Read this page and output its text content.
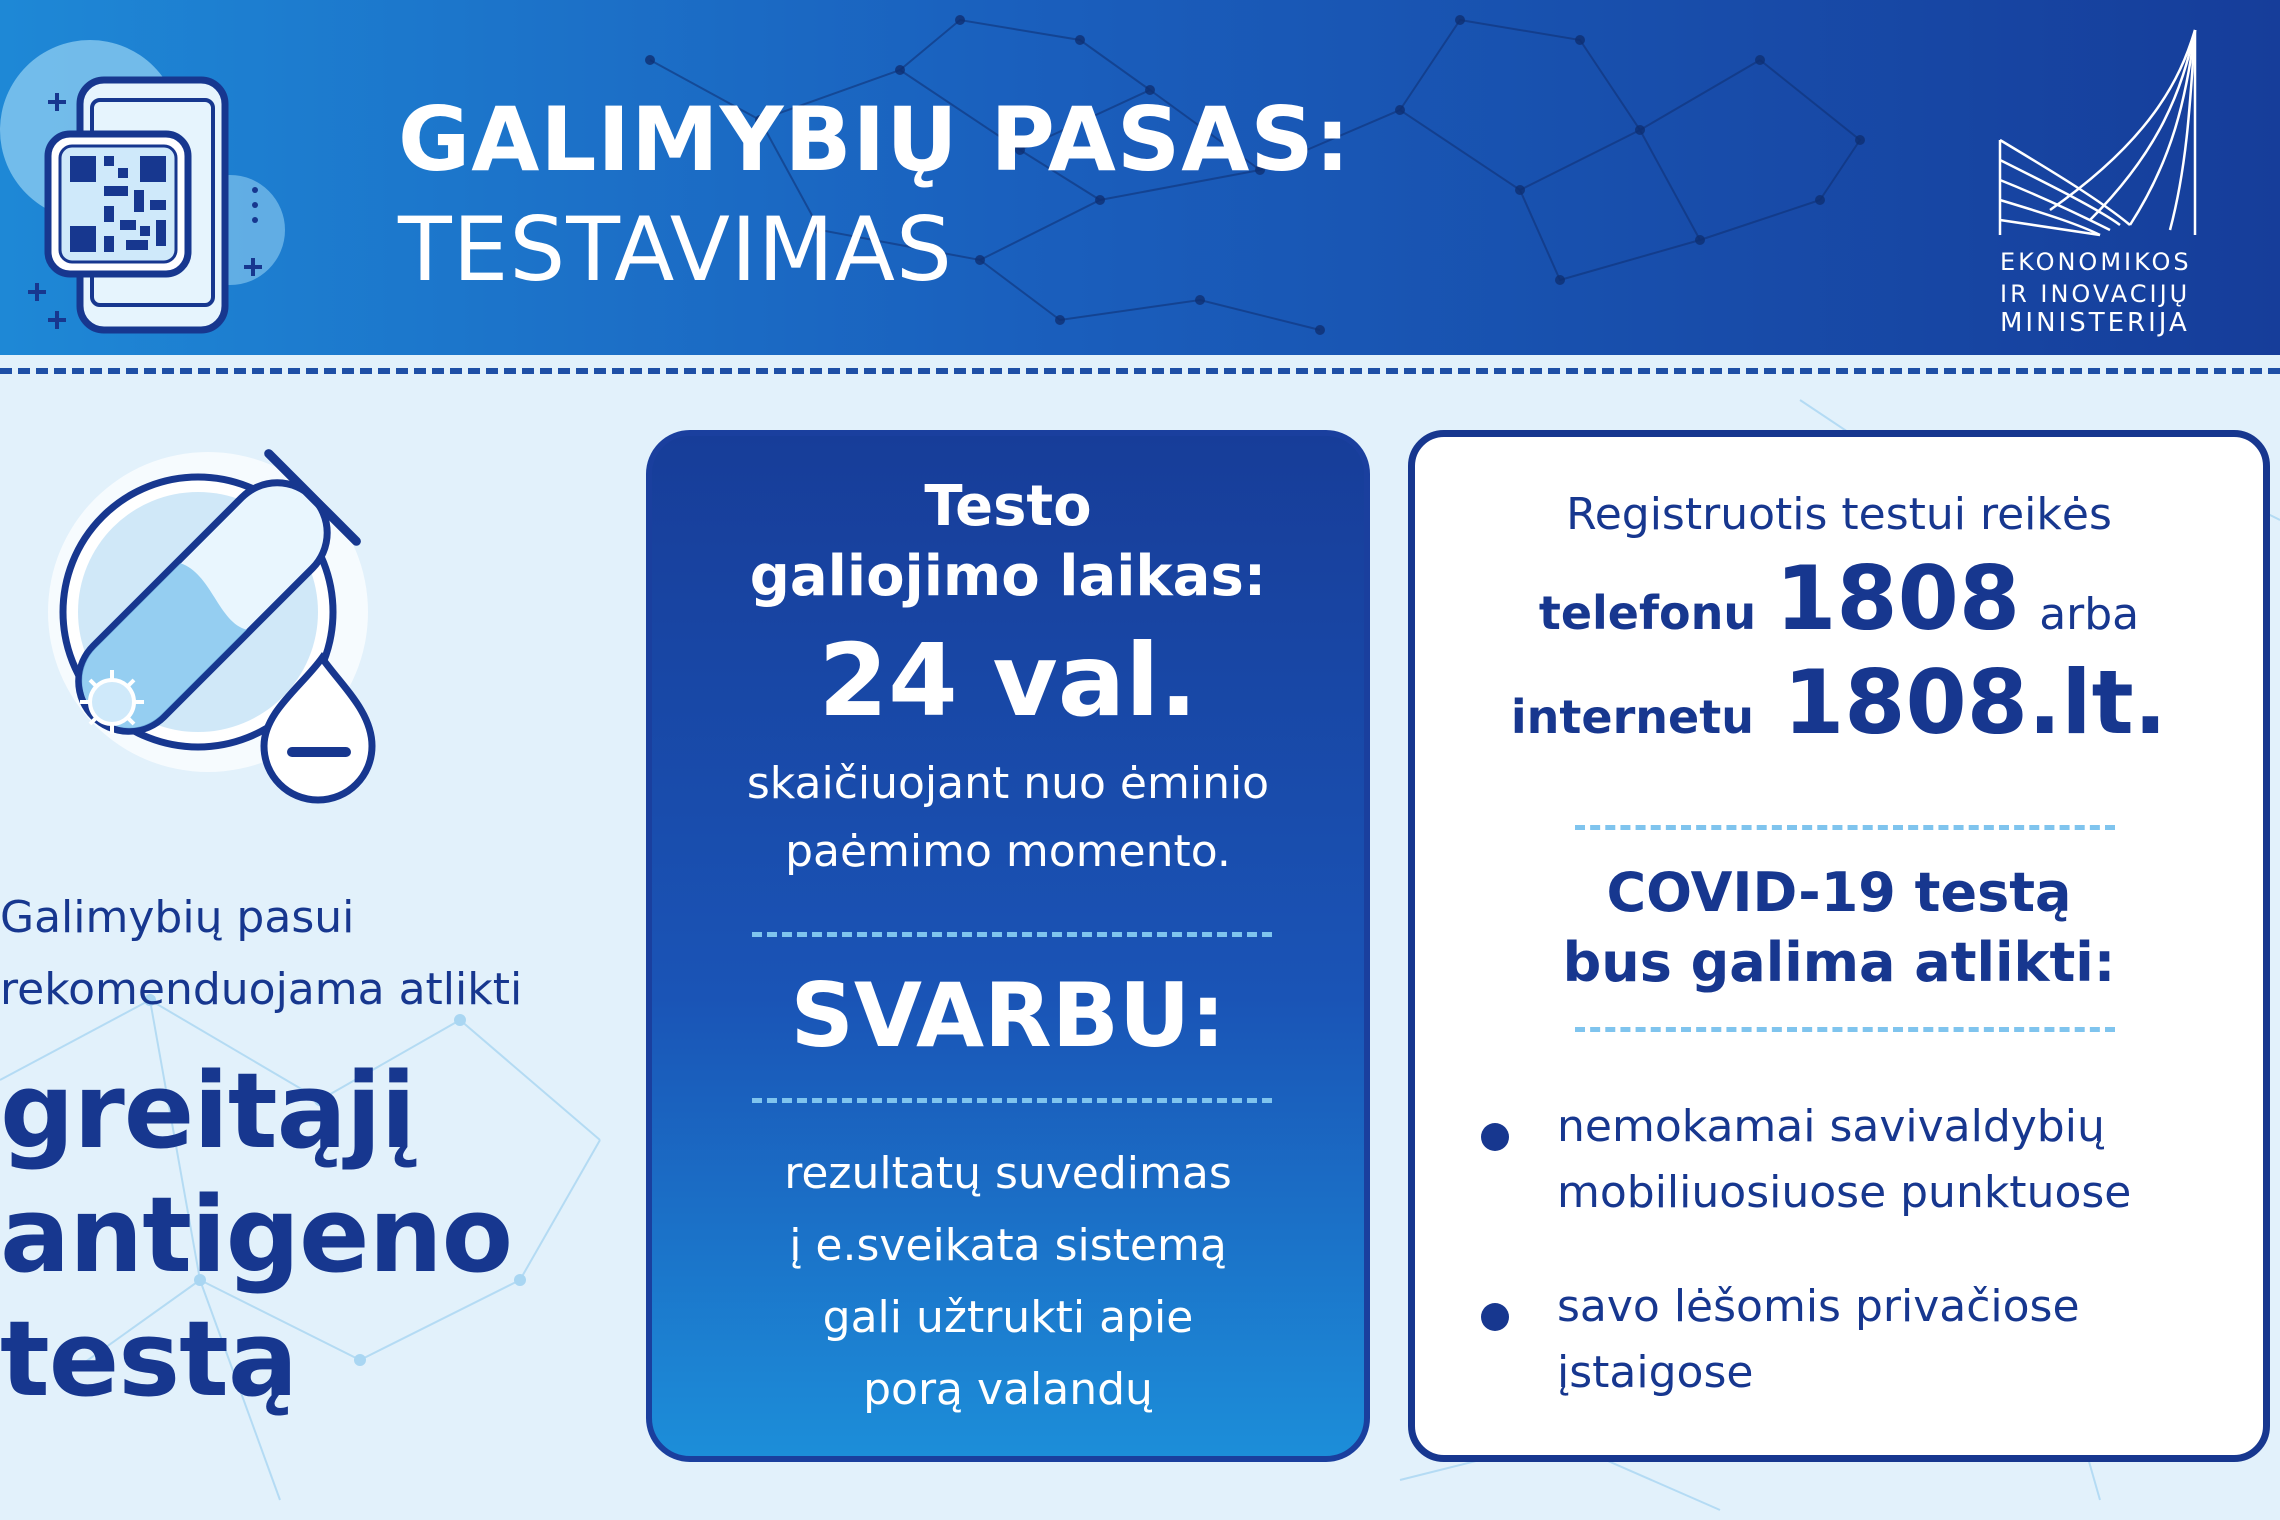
GALIMYBIŲ PASAS:
TESTAVIMAS	EKONOMIKOS
IR INOVACIJŲ
MINISTERIJA
Galimybių pasui
rekomenduojama atlikti
greitąjį
antigeno
testą
Testo
galiojimo laikas:
24 val.
skaičiuojant nuo ėminio
paėmimo momento.
SVARBU:
rezultatų suvedimas
į e.sveikata sistemą
gali užtrukti apie
porą valandų
Registruotis testui reikės
telefonu 1808 arba
internetu 1808.lt.
COVID-19 testą
bus galima atlikti:
nemokamai savivaldybių
mobiliuosiuose punktuose
savo lėšomis privačiose
įstaigose
